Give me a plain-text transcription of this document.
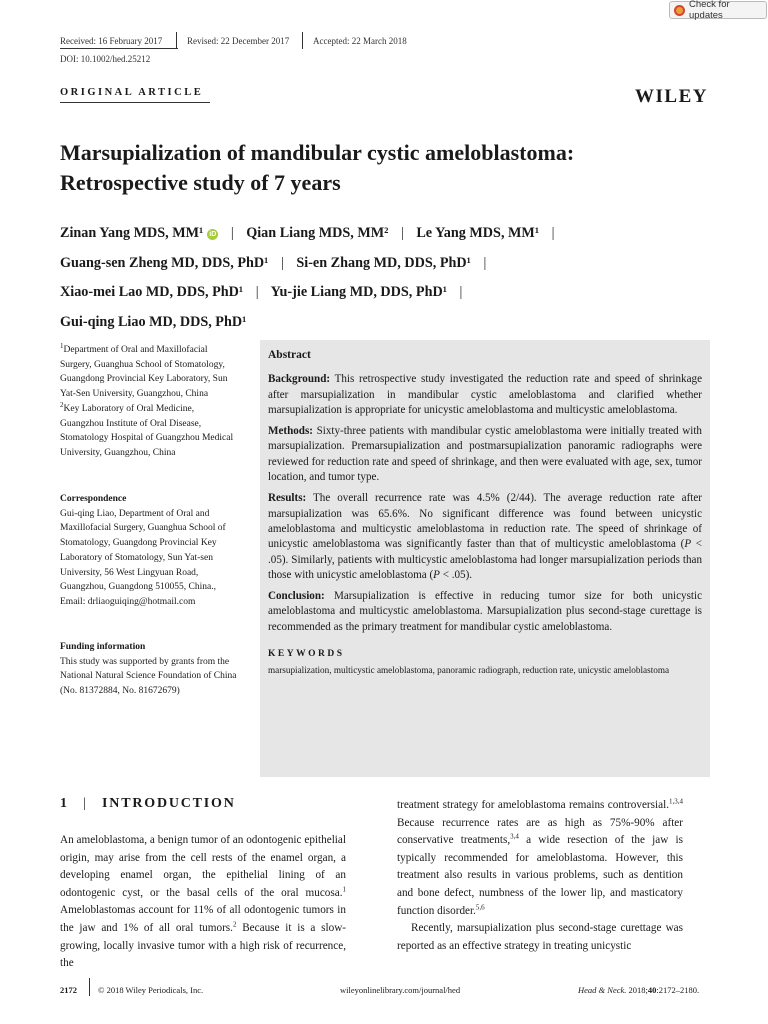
Check for updates
Received: 16 February 2017	Revised: 22 December 2017	Accepted: 22 March 2018
DOI: 10.1002/hed.25212
ORIGINAL ARTICLE	WILEY
Marsupialization of mandibular cystic ameloblastoma:
Retrospective study of 7 years
Zinan Yang MDS, MM¹ iD | Qian Liang MDS, MM² | Le Yang MDS, MM¹ |
Guang-sen Zheng MD, DDS, PhD¹ | Si-en Zhang MD, DDS, PhD¹ |
Xiao-mei Lao MD, DDS, PhD¹ | Yu-jie Liang MD, DDS, PhD¹ |
Gui-qing Liao MD, DDS, PhD¹
$^1$Department of Oral and Maxillofacial Surgery, Guanghua School of Stomatology, Guangdong Provincial Key Laboratory, Sun Yat-Sen University, Guangzhou, China
$^2$Key Laboratory of Oral Medicine, Guangzhou Institute of Oral Disease, Stomatology Hospital of Guangzhou Medical University, Guangzhou, China
Correspondence
Gui-qing Liao, Department of Oral and Maxillofacial Surgery, Guanghua School of Stomatology, Guangdong Provincial Key Laboratory of Stomatology, Sun Yat-sen University, 56 West Lingyuan Road, Guangzhou, Guangdong 510055, China.,
Email: drliaoguiqing@hotmail.com
Funding information
This study was supported by grants from the National Natural Science Foundation of China (No. 81372884, No. 81672679)
Abstract

Background: This retrospective study investigated the reduction rate and speed of shrinkage after marsupialization in mandibular cystic ameloblastoma and clarified whether marsupialization is appropriate for unicystic ameloblastoma and multicystic ameloblastoma.

Methods: Sixty-three patients with mandibular cystic ameloblastoma were initially treated with marsupialization. Premarsupialization and postmarsupialization panoramic radiographs were reviewed for reduction rate and speed of shrinkage, and then were evaluated with age, sex, tumor location, and tumor type.

Results: The overall recurrence rate was 4.5% (2/44). The average reduction rate after marsupialization was 65.6%. No significant difference was found between unicystic ameloblastoma and multicystic ameloblastoma in reduction rate. The speed of shrinkage of unicystic ameloblastoma was significantly faster than that of multicystic ameloblastoma (P < .05). Similarly, patients with multicystic ameloblastoma had longer marsupialization periods than those with unicystic ameloblastoma (P < .05).

Conclusion: Marsupialization is effective in reducing tumor size for both unicystic ameloblastoma and multicystic ameloblastoma. Marsupialization plus second-stage curettage is recommended as the primary treatment for mandibular cystic ameloblastoma.

KEYWORDS
marsupialization, multicystic ameloblastoma, panoramic radiograph, reduction rate, unicystic ameloblastoma
1 | INTRODUCTION

An ameloblastoma, a benign tumor of an odontogenic epithelial origin, may arise from the cell rests of the enamel organ, a developing enamel organ, the epithelial lining of an odontogenic cyst, or the basal cells of the oral mucosa.$^1$ Ameloblastomas account for 11% of all odontogenic tumors in the jaw and 1% of all oral tumors.$^2$ Because it is a slow-growing, locally invasive tumor with a high risk of recurrence, the

treatment strategy for ameloblastoma remains controversial.$^{1,3,4}$ Because recurrence rates are as high as 75%-90% after conservative treatments,$^{3,4}$ a wide resection of the jaw is typically recommended for ameloblastoma. However, this treatment also results in various problems, such as dentition and bone defect, numbness of the lower lip, and masticatory function disorder.$^{5,6}$

Recently, marsupialization plus second-stage curettage was reported as an effective strategy in treating unicystic

2172 © 2018 Wiley Periodicals, Inc.	wileyonlinelibrary.com/journal/hed	Head & Neck. 2018;40:2172–2180.
